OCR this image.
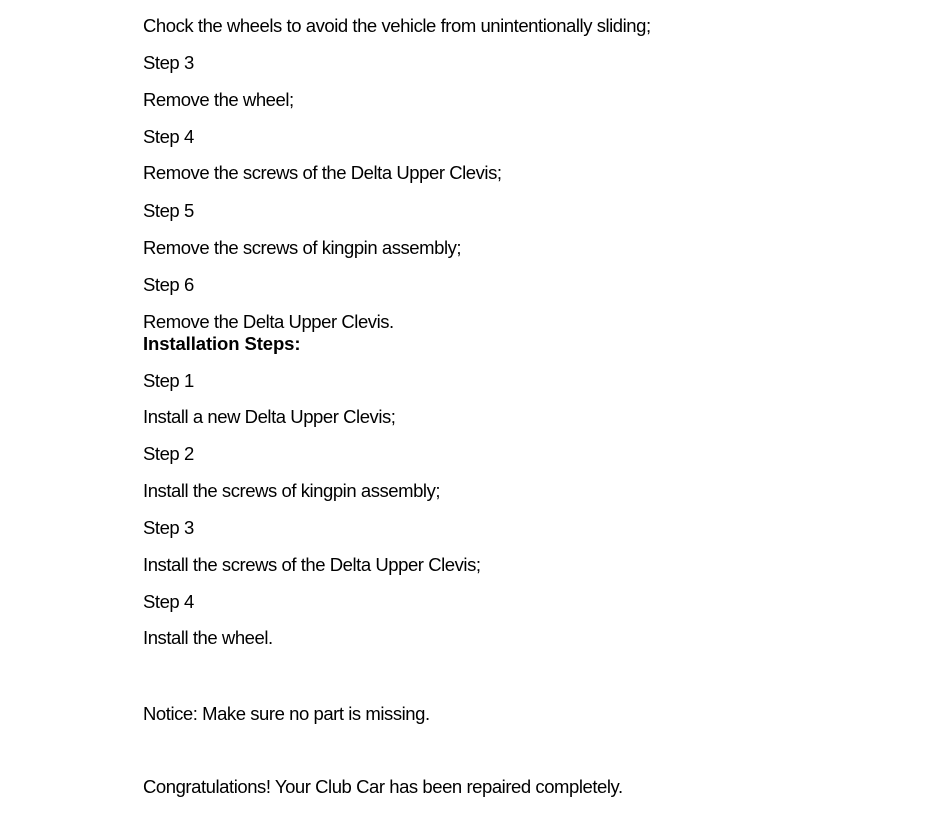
Chock the wheels to avoid the vehicle from unintentionally sliding;
Step 3
Remove the wheel;
Step 4
Remove the screws of the Delta Upper Clevis;
Step 5
Remove the screws of kingpin assembly;
Step 6
Remove the Delta Upper Clevis.
Installation Steps:
Step 1
Install a new Delta Upper Clevis;
Step 2
Install the screws of kingpin assembly;
Step 3
Install the screws of the Delta Upper Clevis;
Step 4
Install the wheel.
Notice: Make sure no part is missing.
Congratulations! Your Club Car has been repaired completely.
